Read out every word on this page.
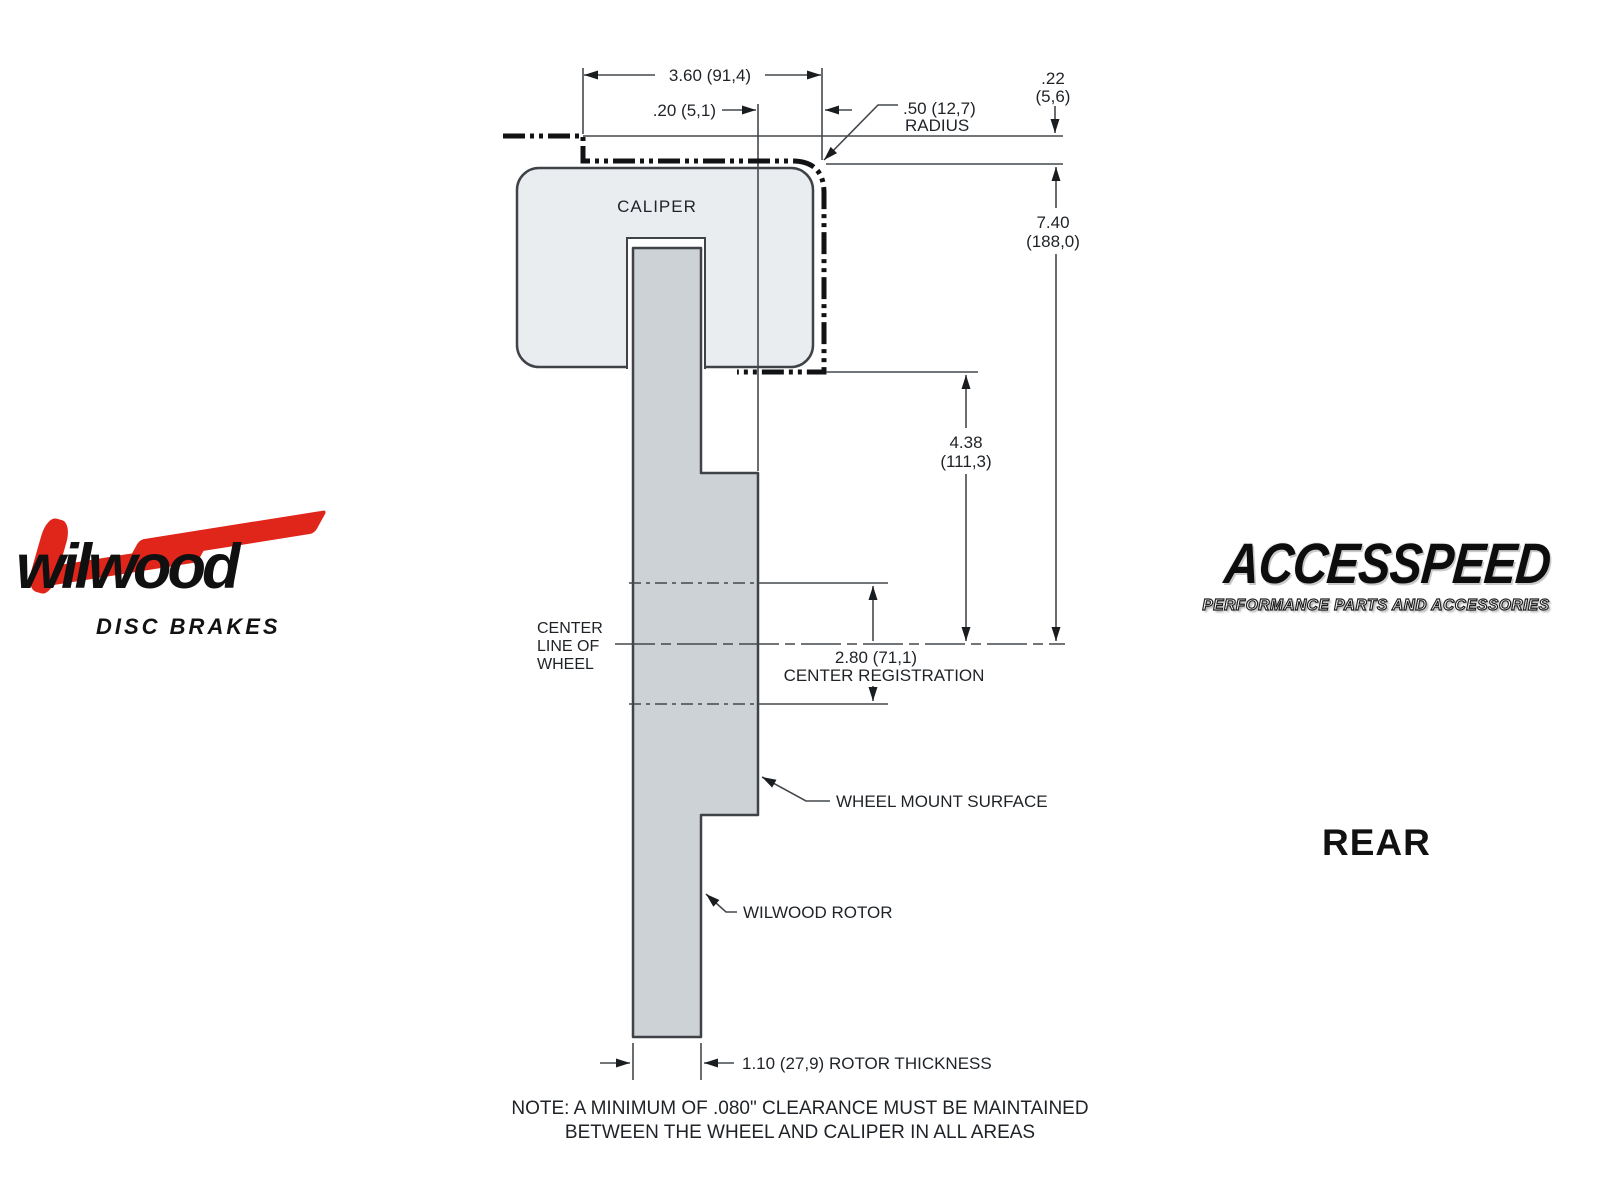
3.60 (91,4)
.20 (5,1)	.50 (12,7)
RADIUS
.22
(5,6)
7.40
(188,0)
4.38
(111,3)
2.80 (71,1)
CENTER REGISTRATION
1.10 (27,9) ROTOR THICKNESS
CALIPER
CENTER
LINE OF
WHEEL
WHEEL MOUNT SURFACE
WILWOOD ROTOR
NOTE: A MINIMUM OF .080" CLEARANCE MUST BE MAINTAINED
BETWEEN THE WHEEL AND CALIPER IN ALL AREAS
wilwood
DISC BRAKES
ACCESSPEED
PERFORMANCE PARTS AND ACCESSORIES
REAR
